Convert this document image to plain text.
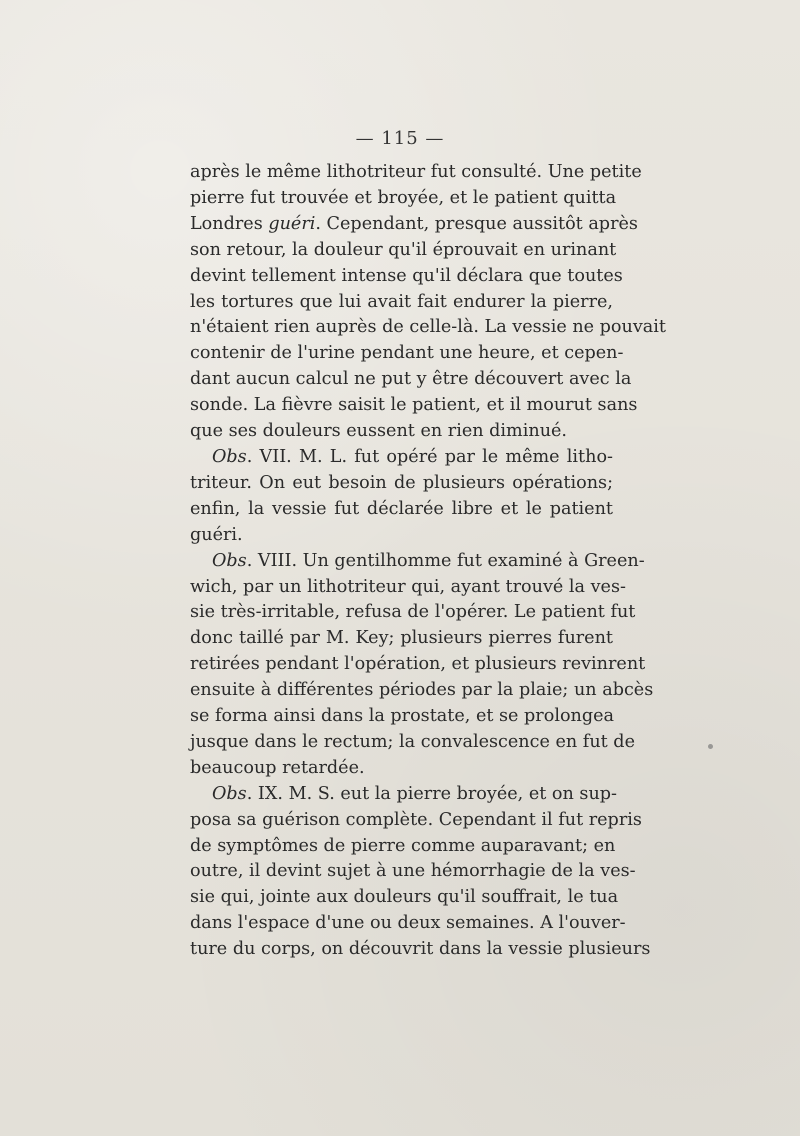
— 115 —
après le même lithotriteur fut consulté. Une petite
pierre fut trouvée et broyée, et le patient quitta
Londres guéri. Cependant, presque aussitôt après
son retour, la douleur qu'il éprouvait en urinant
devint tellement intense qu'il déclara que toutes
les tortures que lui avait fait endurer la pierre,
n'étaient rien auprès de celle-là. La vessie ne pouvait
contenir de l'urine pendant une heure, et cepen-
dant aucun calcul ne put y être découvert avec la
sonde. La fièvre saisit le patient, et il mourut sans
que ses douleurs eussent en rien diminué.
Obs. VII. M. L. fut opéré par le même litho-
triteur. On eut besoin de plusieurs opérations;
enfin, la vessie fut déclarée libre et le patient
guéri.
Obs. VIII. Un gentilhomme fut examiné à Green-
wich, par un lithotriteur qui, ayant trouvé la ves-
sie très-irritable, refusa de l'opérer. Le patient fut
donc taillé par M. Key; plusieurs pierres furent
retirées pendant l'opération, et plusieurs revinrent
ensuite à différentes périodes par la plaie; un abcès
se forma ainsi dans la prostate, et se prolongea
jusque dans le rectum; la convalescence en fut de
beaucoup retardée.
Obs. IX. M. S. eut la pierre broyée, et on sup-
posa sa guérison complète. Cependant il fut repris
de symptômes de pierre comme auparavant; en
outre, il devint sujet à une hémorrhagie de la ves-
sie qui, jointe aux douleurs qu'il souffrait, le tua
dans l'espace d'une ou deux semaines. A l'ouver-
ture du corps, on découvrit dans la vessie plusieurs
